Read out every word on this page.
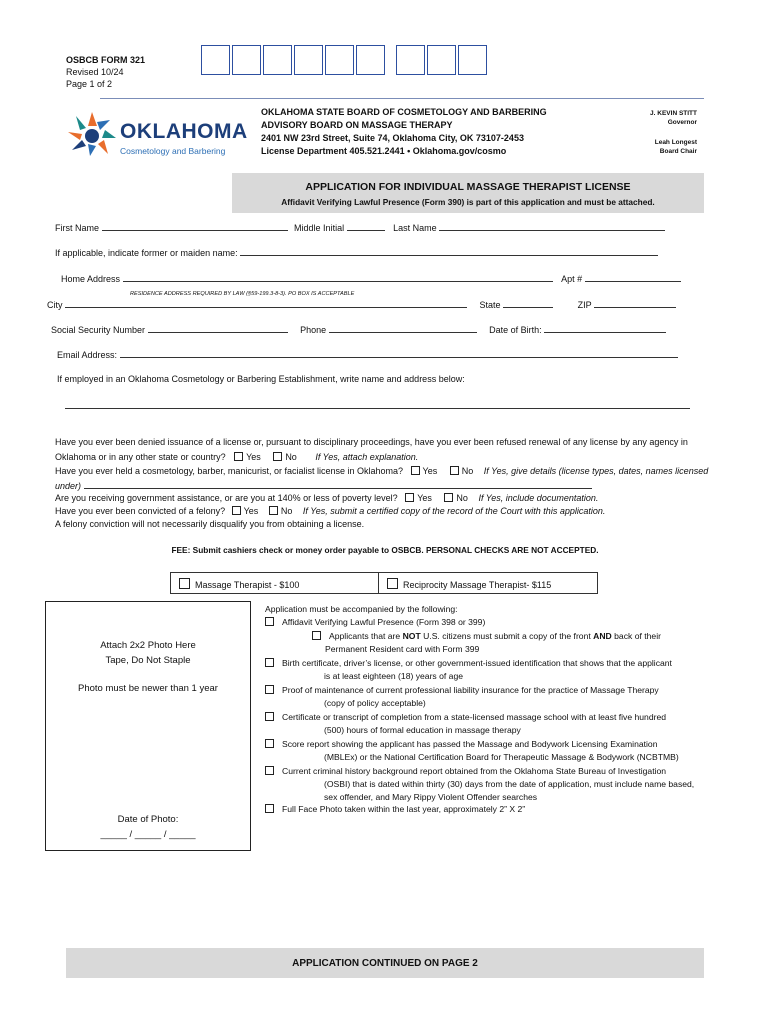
OSBCB FORM 321
Revised 10/24
Page 1 of 2
OKLAHOMA
Cosmetology and Barbering
OKLAHOMA STATE BOARD OF COSMETOLOGY AND BARBERING
ADVISORY BOARD ON MASSAGE THERAPY
2401 NW 23rd Street, Suite 74, Oklahoma City, OK 73107-2453
License Department 405.521.2441 • Oklahoma.gov/cosmo
J. KEVIN STITT
Governor
Leah Longest
Board Chair
APPLICATION FOR INDIVIDUAL MASSAGE THERAPIST LICENSE
Affidavit Verifying Lawful Presence (Form 390) is part of this application and must be attached.
First Name	Middle Initial	Last Name
If applicable, indicate former or maiden name:
Home Address	Apt #
RESIDENCE ADDRESS REQUIRED BY LAW (§59-199.3-8-3). PO BOX IS ACCEPTABLE
City	State	ZIP
Social Security Number	Phone	Date of Birth:
Email Address:
If employed in an Oklahoma Cosmetology or Barbering Establishment, write name and address below:
Have you ever been denied issuance of a license or, pursuant to disciplinary proceedings, have you ever been refused renewal of any license by any agency in
Oklahoma or in any other state or country? Yes	No If Yes, attach explanation.
Have you ever held a cosmetology, barber, manicurist, or facialist license in Oklahoma? Yes	No If Yes, give details (license types, dates, names licensed
under)
Are you receiving government assistance, or are you at 140% or less of poverty level? Yes	No If Yes, include documentation.
Have you ever been convicted of a felony? Yes	No If Yes, submit a certified copy of the record of the Court with this application.
A felony conviction will not necessarily disqualify you from obtaining a license.
FEE: Submit cashiers check or money order payable to OSBCB. PERSONAL CHECKS ARE NOT ACCEPTED.
Massage Therapist - $100	Reciprocity Massage Therapist- $115
Attach 2x2 Photo Here
Tape, Do Not Staple
Photo must be newer than 1 year
Date of Photo:
_____ / _____ / _____
Application must be accompanied by the following:
Affidavit Verifying Lawful Presence (Form 398 or 399)
Applicants that are NOT U.S. citizens must submit a copy of the front AND back of their
Permanent Resident card with Form 399
Birth certificate, driver’s license, or other government-issued identification that shows that the applicant
is at least eighteen (18) years of age
Proof of maintenance of current professional liability insurance for the practice of Massage Therapy
(copy of policy acceptable)
Certificate or transcript of completion from a state-licensed massage school with at least five hundred
(500) hours of formal education in massage therapy
Score report showing the applicant has passed the Massage and Bodywork Licensing Examination
(MBLEx) or the National Certification Board for Therapeutic Massage & Bodywork (NCBTMB)
Current criminal history background report obtained from the Oklahoma State Bureau of Investigation
(OSBI) that is dated within thirty (30) days from the date of application, must include name based,
sex offender, and Mary Rippy Violent Offender searches
Full Face Photo taken within the last year, approximately 2” X 2”
APPLICATION CONTINUED ON PAGE 2
